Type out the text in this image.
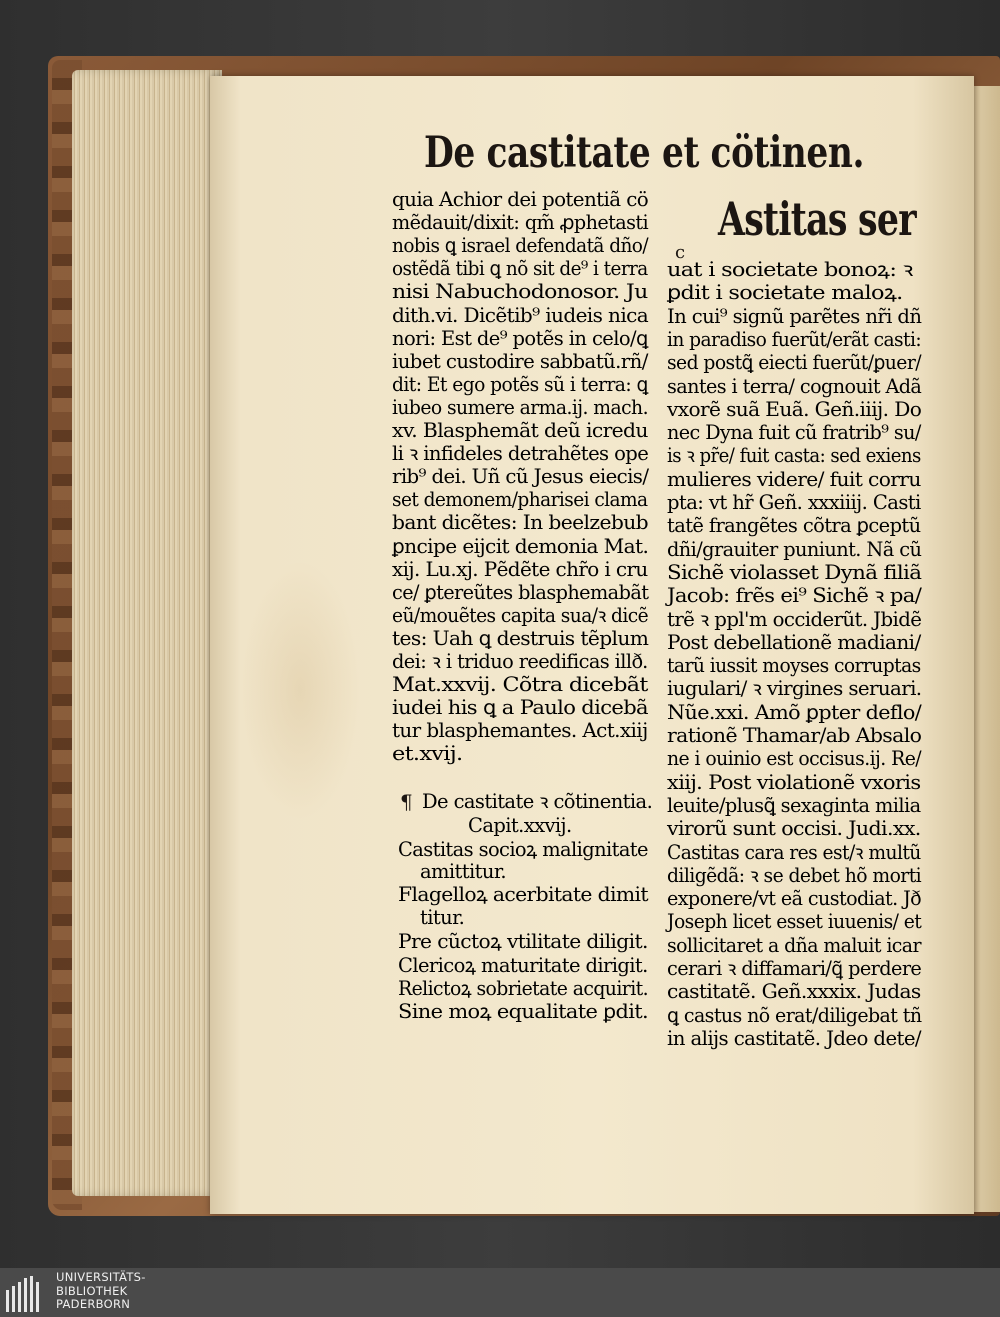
De castitate et cötinen.
quia Achior dei potentiã cö
mẽdauit/dixit: qm̃ ꝓphetasti
nobis ꝗ israel defendatã dño/
ostẽdã tibi ꝗ nõ sit de⁹ i terra
nisi Nabuchodonosor. Ju
dith.vi. Dicẽtib⁹ iudeis nica
nori: Est de⁹ potẽs in celo/ꝗ
iubet custodire sabbatũ.rñ/
dit: Et ego potẽs sũ i terra: ꝗ
iubeo sumere arma.ij. mach.
xv. Blasphemãt deũ icredu
li ꝛ infideles detrahẽtes ope
rib⁹ dei. Uñ cũ Jesus eiecis/
set demonem/pharisei clama
bant dicẽtes: In beelzebub
ꝑncipe eijcit demonia Mat.
xij. Lu.xj. Pẽdẽte chr̃o i cru
ce/ ꝑtereũtes blasphemabãt
eũ/mouẽtes capita sua/ꝛ dicẽ
tes: Uah ꝗ destruis tẽplum
dei: ꝛ i triduo reedificas illð.
Mat.xxvij. Cõtra dicebãt
iudei his ꝗ a Paulo dicebã
tur blasphemantes. Act.xiij
et.xvij.
¶ De castitate ꝛ cõtinentia.
Capit.xxvij.
Castitas socioꝝ malignitate
amittitur.
Flagelloꝝ acerbitate dimit
titur.
Pre cũctoꝝ vtilitate diligit.
Clericoꝝ maturitate dirigit.
Relictoꝝ sobrietate acquirit.
Sine moꝝ equalitate ꝑdit.
Astitas ser
c
uat i societate bonoꝝ: ꝛ
ꝑdit i societate maloꝝ.
In cui⁹ signũ parẽtes nr̃i dñ
in paradiso fuerũt/erãt casti:
sed postꝗ̃ eiecti fuerũt/ꝑuer/
santes i terra/ cognouit Adã
vxorẽ suã Euã. Geñ.iiij. Do
nec Dyna fuit cũ fratrib⁹ su/
is ꝛ pr̃e/ fuit casta: sed exiens
mulieres videre/ fuit corru
pta: vt hr̃ Geñ. xxxiiij. Casti
tatẽ frangẽtes cõtra ꝑceptũ
dñi/grauiter puniunt. Nã cũ
Sichẽ violasset Dynã filiã
Jacob: frẽs ei⁹ Sichẽ ꝛ pa/
trẽ ꝛ ppl'm occiderũt. Jbidẽ
Post debellationẽ madiani/
tarũ iussit moyses corruptas
iugulari/ ꝛ virgines seruari.
Nũe.xxi. Amõ ꝑpter deflo/
rationẽ Thamar/ab Absalo
ne i ouinio est occisus.ij. Re/
xiij. Post violationẽ vxoris
leuite/plusꝗ̃ sexaginta milia
virorũ sunt occisi. Judi.xx.
Castitas cara res est/ꝛ multũ
diligẽdã: ꝛ se debet hõ morti
exponere/vt eã custodiat. Jð
Joseph licet esset iuuenis/ et
sollicitaret a dña maluit icar
cerari ꝛ diffamari/ꝗ̃ perdere
castitatẽ. Geñ.xxxix. Judas
ꝗ castus nõ erat/diligebat tñ
in alijs castitatẽ. Jdeo dete/
UNIVERSITÄTS-
BIBLIOTHEK
PADERBORN
